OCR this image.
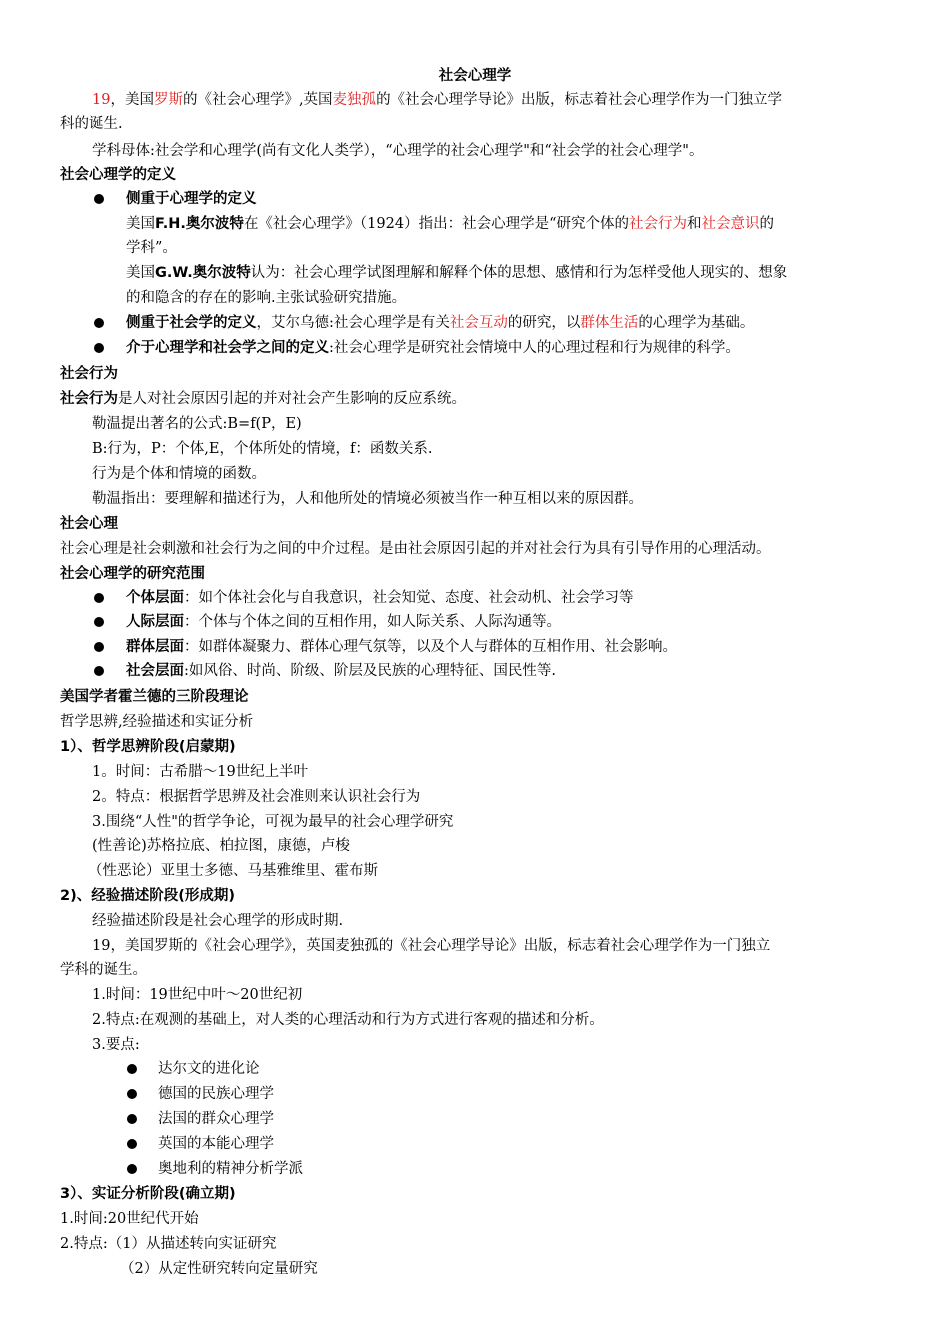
社会心理学
19，美国罗斯的《社会心理学》,英国麦独孤的《社会心理学导论》出版，标志着社会心理学作为一门独立学
科的诞生.
学科母体:社会学和心理学(尚有文化人类学），“心理学的社会心理学"和“社会学的社会心理学"。
社会心理学的定义
侧重于心理学的定义
美国F.H.奥尔波特在《社会心理学》（1924）指出：社会心理学是“研究个体的社会行为和社会意识的
学科”。
美国G.W.奥尔波特认为：社会心理学试图理解和解释个体的思想、感情和行为怎样受他人现实的、想象
的和隐含的存在的影响.主张试验研究措施。
侧重于社会学的定义，艾尔乌德:社会心理学是有关社会互动的研究，以群体生活的心理学为基础。
介于心理学和社会学之间的定义:社会心理学是研究社会情境中人的心理过程和行为规律的科学。
社会行为
社会行为是人对社会原因引起的并对社会产生影响的反应系统。
勒温提出著名的公式:B=f(P，E)
B:行为，P：个体,E，个体所处的情境，f：函数关系.
行为是个体和情境的函数。
勒温指出：要理解和描述行为，人和他所处的情境必须被当作一种互相以来的原因群。
社会心理
社会心理是社会刺激和社会行为之间的中介过程。是由社会原因引起的并对社会行为具有引导作用的心理活动。
社会心理学的研究范围
个体层面：如个体社会化与自我意识，社会知觉、态度、社会动机、社会学习等
人际层面：个体与个体之间的互相作用，如人际关系、人际沟通等。
群体层面：如群体凝聚力、群体心理气氛等，以及个人与群体的互相作用、社会影响。
社会层面:如风俗、时尚、阶级、阶层及民族的心理特征、国民性等.
美国学者霍兰德的三阶段理论
哲学思辨,经验描述和实证分析
1）、哲学思辨阶段(启蒙期)
1。时间：古希腊～19世纪上半叶
2。特点：根据哲学思辨及社会准则来认识社会行为
3.围绕“人性"的哲学争论，可视为最早的社会心理学研究
(性善论)苏格拉底、柏拉图，康德，卢梭
（性恶论）亚里士多德、马基雅维里、霍布斯
2)、经验描述阶段(形成期)
经验描述阶段是社会心理学的形成时期.
19，美国罗斯的《社会心理学》，英国麦独孤的《社会心理学导论》出版，标志着社会心理学作为一门独立
学科的诞生。
1.时间：19世纪中叶～20世纪初
2.特点:在观测的基础上，对人类的心理活动和行为方式进行客观的描述和分析。
3.要点:
达尔文的进化论
德国的民族心理学
法国的群众心理学
英国的本能心理学
奥地利的精神分析学派
3）、实证分析阶段(确立期)
1.时间:20世纪代开始
2.特点:（1）从描述转向实证研究
（2）从定性研究转向定量研究
